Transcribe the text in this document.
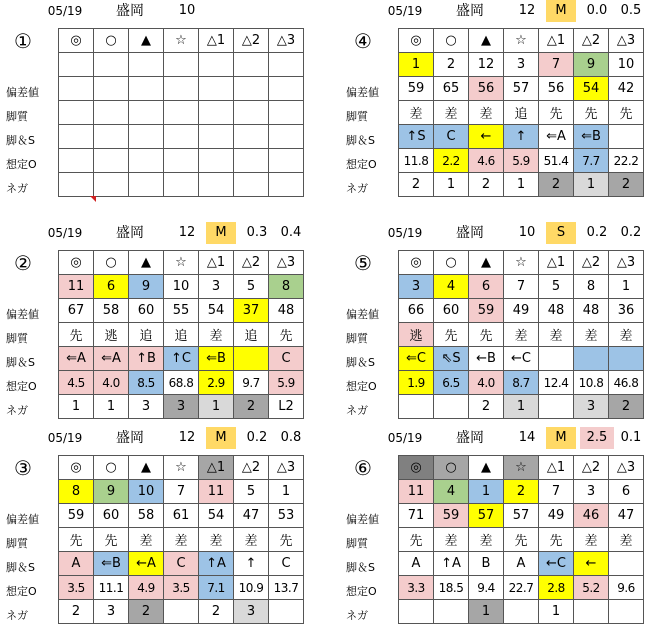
05/19	盛岡	10
①
偏差値
脚質
脚＆S
想定O
ネガ
◎	○	▲	☆	△1	△2	△3

05/19	盛岡	12	M	0.0	0.5
④
偏差値
脚質
脚＆S
想定O
ネガ
◎	○	▲	☆	△1	△2	△3
1	2	12	3	7	9	10
59	65	56	57	56	54	42
差	差	差	追	先	先	先
↑S	C	←	↑	⇐A	⇐B	
11.8	2.2	4.6	5.9	51.4	7.7	22.2
2	1	2	1	2	1	2
05/19	盛岡	12	M	0.3	0.4
②
偏差値
脚質
脚＆S
想定O
ネガ
◎	○	▲	☆	△1	△2	△3
11	6	9	10	3	5	8
67	58	60	55	54	37	48
先	逃	追	追	差	追	先
⇐A	⇐A	↑B	↑C	⇐B		C
4.5	4.0	8.5	68.8	2.9	9.7	5.9
1	1	3	3	1	2	L2
05/19	盛岡	10	S	0.2	0.2
⑤
偏差値
脚質
脚＆S
想定O
ネガ
◎	○	▲	☆	△1	△2	△3
3	4	6	7	5	8	1
66	60	59	49	48	48	36
逃	先	先	差	差	差	差
⇐C	⇖S	←B	←C			
1.9	6.5	4.0	8.7	12.4	10.8	46.8
		2	1		3	2
05/19	盛岡	12	M	0.2	0.8
③
偏差値
脚質
脚＆S
想定O
ネガ
◎	○	▲	☆	△1	△2	△3
8	9	10	7	11	5	1
59	60	58	61	54	47	53
先	先	差	差	差	差	先
A	⇐B	←A	C	↑A	↑	C
3.5	11.1	4.9	3.5	7.1	10.9	13.7
2	3	2		2	3	
05/19	盛岡	14	M	2.5	0.1
⑥
偏差値
脚質
脚＆S
想定O
ネガ
◎	○	▲	☆	△1	△2	△3
11	4	1	2	7	3	6
71	59	57	57	49	46	47
先	差	差	先	先	差	差
A	↑A	B	A	←C	←	
3.3	18.5	9.4	22.7	2.8	5.2	9.6
		1		1		
